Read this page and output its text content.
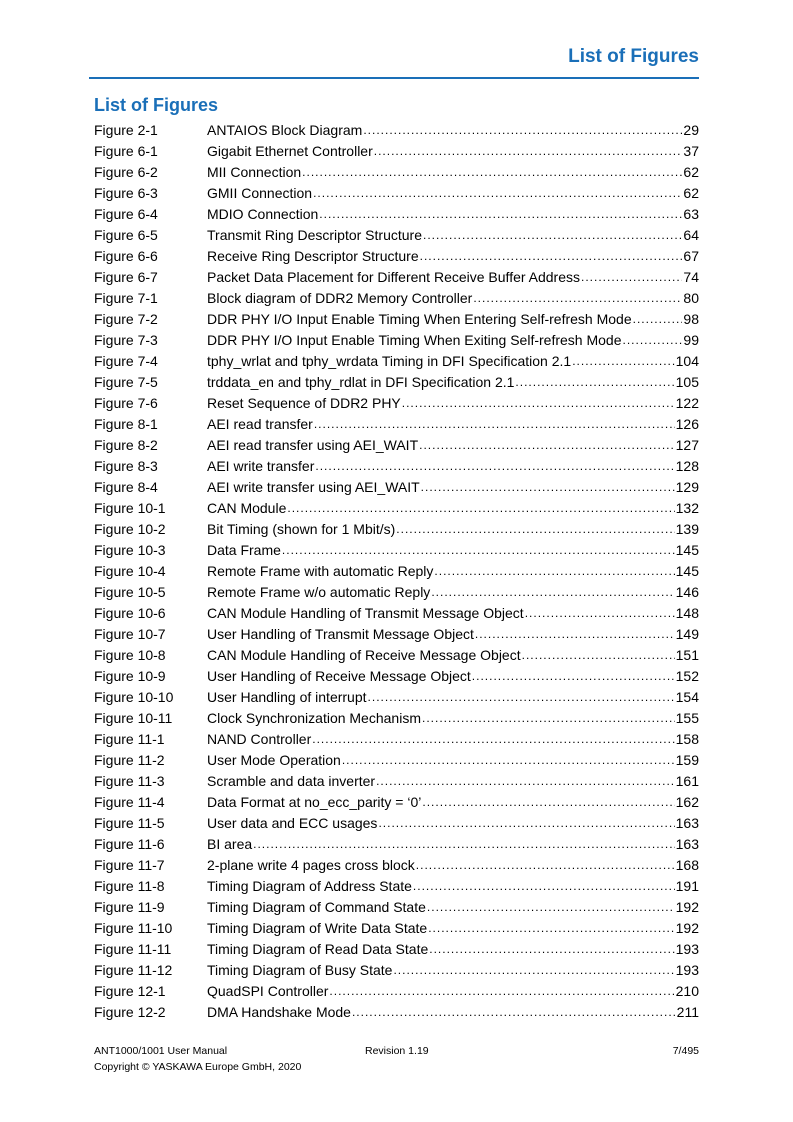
List of Figures
List of Figures
Figure 2-1	ANTAIOS Block Diagram .....	29
Figure 6-1	Gigabit Ethernet Controller .....	37
Figure 6-2	MII Connection .....	62
Figure 6-3	GMII Connection .....	62
Figure 6-4	MDIO Connection .....	63
Figure 6-5	Transmit Ring Descriptor Structure .....	64
Figure 6-6	Receive Ring Descriptor Structure .....	67
Figure 6-7	Packet Data Placement for Different Receive Buffer Address .....	74
Figure 7-1	Block diagram of DDR2 Memory Controller .....	80
Figure 7-2	DDR PHY I/O Input Enable Timing When Entering Self-refresh Mode .....	98
Figure 7-3	DDR PHY I/O Input Enable Timing When Exiting Self-refresh Mode .....	99
Figure 7-4	tphy_wrlat and tphy_wrdata Timing in DFI Specification 2.1 .....	104
Figure 7-5	trddata_en and tphy_rdlat in DFI Specification 2.1 .....	105
Figure 7-6	Reset Sequence of DDR2 PHY .....	122
Figure 8-1	AEI read transfer .....	126
Figure 8-2	AEI read transfer using AEI_WAIT .....	127
Figure 8-3	AEI write transfer .....	128
Figure 8-4	AEI write transfer using AEI_WAIT .....	129
Figure 10-1	CAN Module .....	132
Figure 10-2	Bit Timing (shown for 1 Mbit/s) .....	139
Figure 10-3	Data Frame .....	145
Figure 10-4	Remote Frame with automatic Reply .....	145
Figure 10-5	Remote Frame w/o automatic Reply .....	146
Figure 10-6	CAN Module Handling of Transmit Message Object .....	148
Figure 10-7	User Handling of Transmit Message Object .....	149
Figure 10-8	CAN Module Handling of Receive Message Object .....	151
Figure 10-9	User Handling of Receive Message Object .....	152
Figure 10-10	User Handling of interrupt .....	154
Figure 10-11	Clock Synchronization Mechanism .....	155
Figure 11-1	NAND Controller .....	158
Figure 11-2	User Mode Operation .....	159
Figure 11-3	Scramble and data inverter .....	161
Figure 11-4	Data Format at no_ecc_parity = ‘0’ .....	162
Figure 11-5	User data and ECC usages .....	163
Figure 11-6	BI area .....	163
Figure 11-7	2-plane write 4 pages cross block .....	168
Figure 11-8	Timing Diagram of Address State .....	191
Figure 11-9	Timing Diagram of Command State .....	192
Figure 11-10	Timing Diagram of Write Data State .....	192
Figure 11-11	Timing Diagram of Read Data State .....	193
Figure 11-12	Timing Diagram of Busy State .....	193
Figure 12-1	QuadSPI Controller .....	210
Figure 12-2	DMA Handshake Mode .....	211
ANT1000/1001 User Manual
Copyright © YASKAWA Europe GmbH, 2020
Revision 1.19	7/495
